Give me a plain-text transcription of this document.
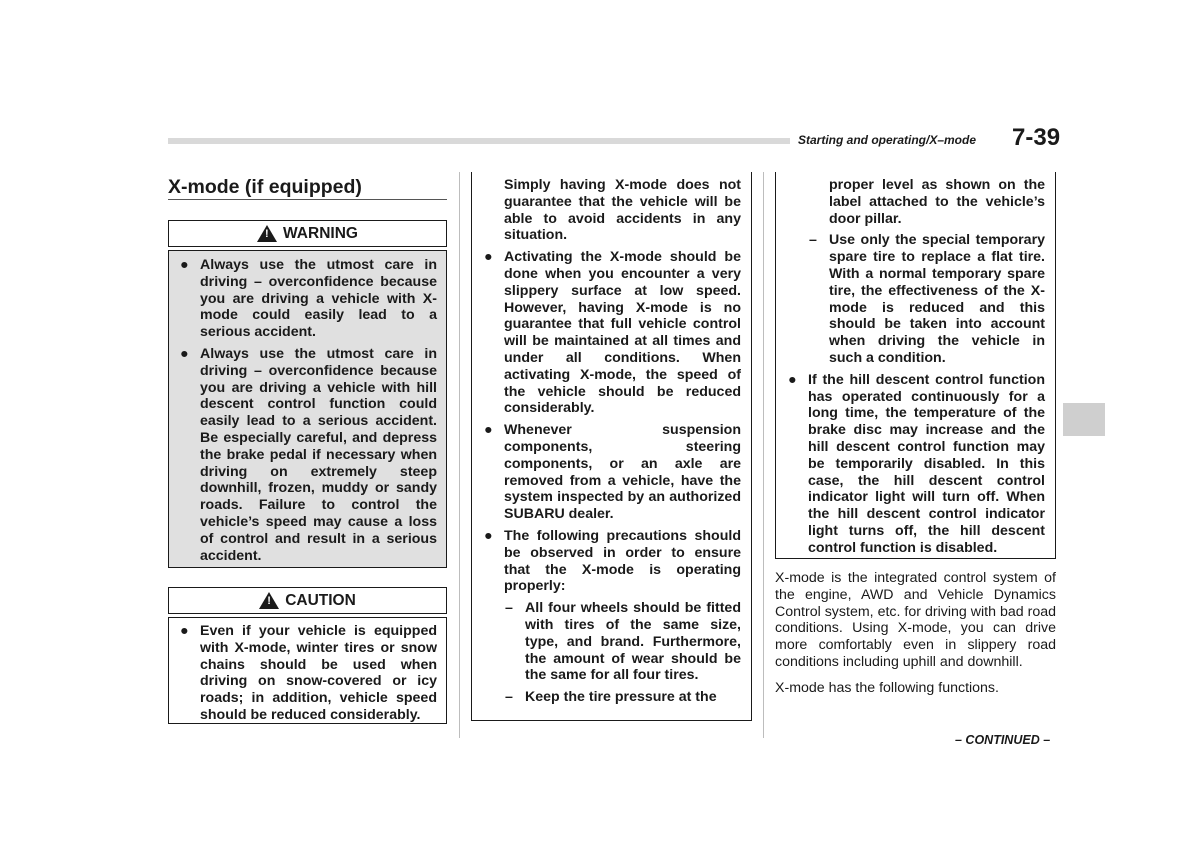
Starting and operating/X–mode 7-39
X-mode (if equipped)
!
WARNING
● Always use the utmost care in driving – overconfidence because you are driving a vehicle with X-mode could easily lead to a serious accident.
● Always use the utmost care in driving – overconfidence because you are driving a vehicle with hill descent control function could easily lead to a serious accident. Be especially careful, and depress the brake pedal if necessary when driving on extremely steep downhill, frozen, muddy or sandy roads. Failure to control the vehicle’s speed may cause a loss of control and result in a serious accident.
!
CAUTION
● Even if your vehicle is equipped with X-mode, winter tires or snow chains should be used when driving on snow-covered or icy roads; in addition, vehicle speed should be reduced considerably.
Simply having X-mode does not guarantee that the vehicle will be able to avoid accidents in any situation.
● Activating the X-mode should be done when you encounter a very slippery surface at low speed. However, having X-mode is no guarantee that full vehicle control will be maintained at all times and under all conditions. When activating X-mode, the speed of the vehicle should be reduced considerably.
● Whenever suspension components, steering components, or an axle are removed from a vehicle, have the system inspected by an authorized SUBARU dealer.
● The following precautions should be observed in order to ensure that the X-mode is operating properly:
– All four wheels should be fitted with tires of the same size, type, and brand. Furthermore, the amount of wear should be the same for all four tires.
– Keep the tire pressure at the
proper level as shown on the label attached to the vehicle’s door pillar.
– Use only the special temporary spare tire to replace a flat tire. With a normal temporary spare tire, the effectiveness of the X-mode is reduced and this should be taken into account when driving the vehicle in such a condition.
● If the hill descent control function has operated continuously for a long time, the temperature of the brake disc may increase and the hill descent control function may be temporarily disabled. In this case, the hill descent control indicator light will turn off. When the hill descent control indicator light turns off, the hill descent control function is disabled.

X-mode is the integrated control system of the engine, AWD and Vehicle Dynamics Control system, etc. for driving with bad road conditions. Using X-mode, you can drive more comfortably even in slippery road conditions including uphill and downhill.

X-mode has the following functions.

– CONTINUED –
